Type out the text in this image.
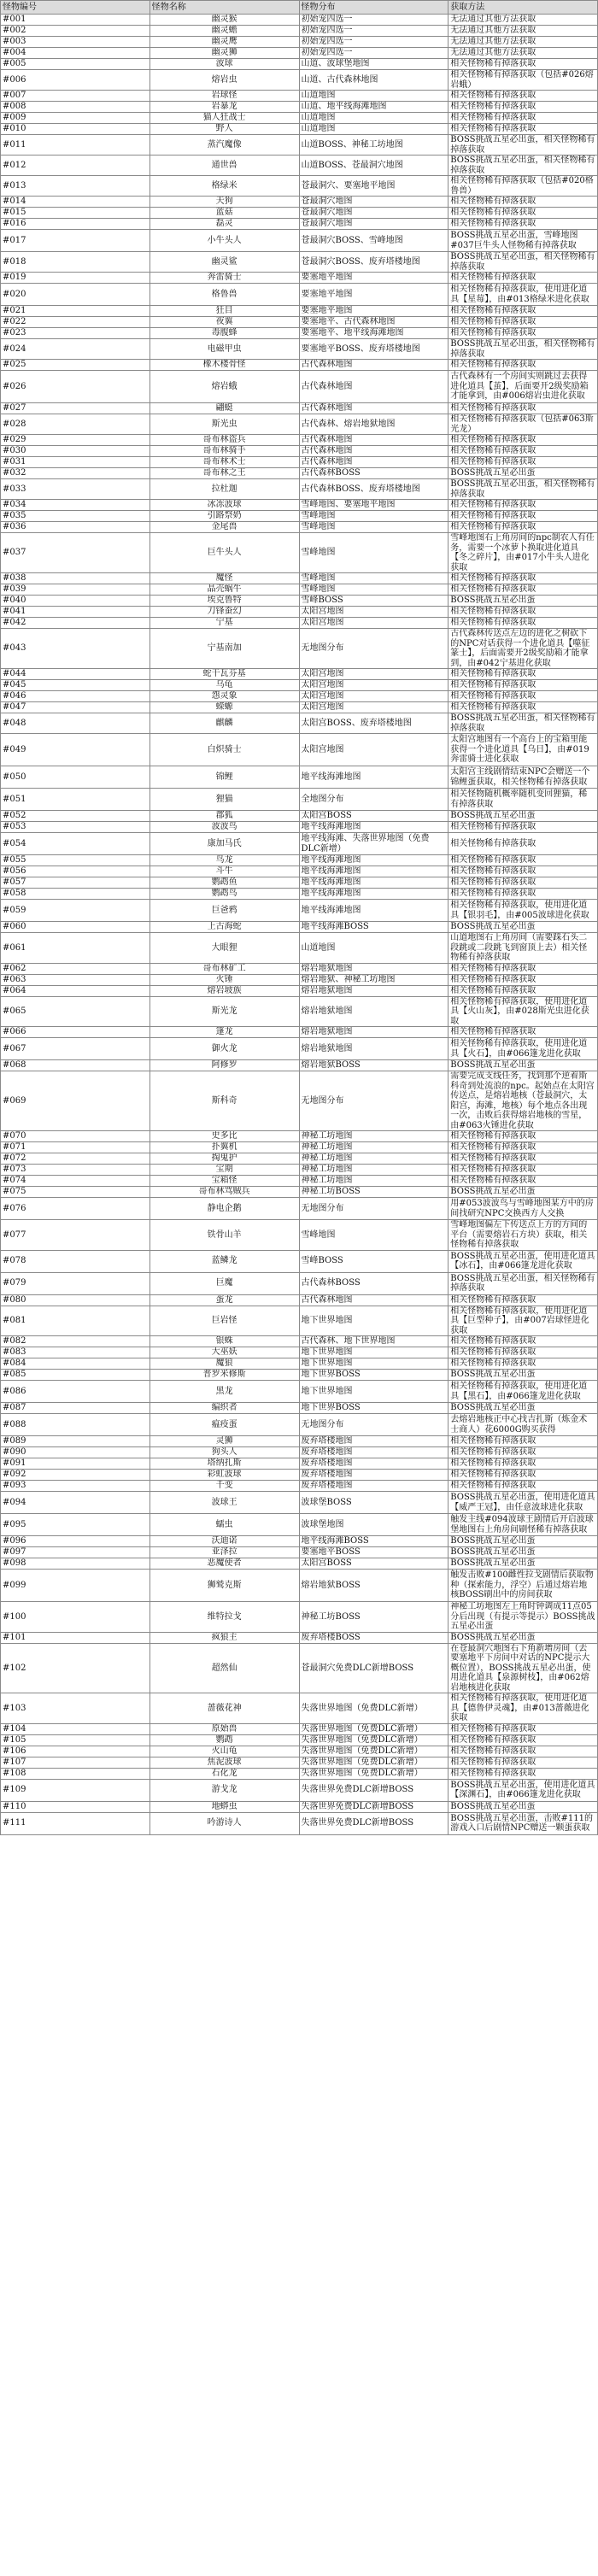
怪物编号	怪物名称	怪物分布	获取方法
#001	幽灵猴	初始宠四选一	无法通过其他方法获取
#002	幽灵蟾	初始宠四选一	无法通过其他方法获取
#003	幽灵鹰	初始宠四选一	无法通过其他方法获取
#004	幽灵狮	初始宠四选一	无法通过其他方法获取
#005	波球	山道、波球堡地图	相关怪物稀有掉落获取
#006	熔岩虫	山道、古代森林地图	相关怪物稀有掉落获取（包括#026熔岩蛾）
#007	岩球怪	山道地图	相关怪物稀有掉落获取
#008	岩暴龙	山道、地平线海滩地图	相关怪物稀有掉落获取
#009	猫人狂战士	山道地图	相关怪物稀有掉落获取
#010	野人	山道地图	相关怪物稀有掉落获取
#011	蒸汽魔像	山道BOSS、神秘工坊地图	BOSS挑战五星必出蛋，相关怪物稀有掉落获取
#012	通世兽	山道BOSS、苍最洞穴地图	BOSS挑战五星必出蛋，相关怪物稀有掉落获取
#013	格绿米	苍最洞穴、要塞地平地图	相关怪物稀有掉落获取（包括#020格鲁兽）
#014	天狗	苍最洞穴地图	相关怪物稀有掉落获取
#015	蓝菇	苍最洞穴地图	相关怪物稀有掉落获取
#016	磊灵	苍最洞穴地图	相关怪物稀有掉落获取
#017	小牛头人	苍最洞穴BOSS、雪峰地图	BOSS挑战五星必出蛋，雪峰地图#037巨牛头人怪物稀有掉落获取
#018	幽灵鲨	苍最洞穴BOSS、废弃塔楼地图	BOSS挑战五星必出蛋，相关怪物稀有掉落获取
#019	奔雷骑士	要塞地平地图	相关怪物稀有掉落获取
#020	格鲁兽	要塞地平地图	相关怪物稀有掉落获取，使用进化道具【星莓】，由#013格绿米进化获取
#021	狂目	要塞地平地图	相关怪物稀有掉落获取
#022	夜翼	要塞地平、古代森林地图	相关怪物稀有掉落获取
#023	毒腹蜂	要塞地平、地平线海滩地图	相关怪物稀有掉落获取
#024	电磁甲虫	要塞地平BOSS、废弃塔楼地图	BOSS挑战五星必出蛋，相关怪物稀有掉落获取
#025	橡木楼骨怪	古代森林地图	相关怪物稀有掉落获取
#026	熔岩蛾	古代森林地图	古代森林有一个房间实则跳过去获得进化道具【茧】，后面要开2级奖励箱才能拿到，由#006熔岩虫进化获取
#027	翩蜓	古代森林地图	相关怪物稀有掉落获取
#028	斯光虫	古代森林、熔岩地狱地图	相关怪物稀有掉落获取（包括#063斯光龙）
#029	哥布林盗兵	古代森林地图	相关怪物稀有掉落获取
#030	哥布林骑手	古代森林地图	相关怪物稀有掉落获取
#031	哥布林术士	古代森林地图	相关怪物稀有掉落获取
#032	哥布林之王	古代森林BOSS	BOSS挑战五星必出蛋
#033	拉杜迦	古代森林BOSS、废弃塔楼地图	BOSS挑战五星必出蛋，相关怪物稀有掉落获取
#034	冰冻波球	雪峰地图、要塞地平地图	相关怪物稀有掉落获取
#035	引路祭奶	雪峰地图	相关怪物稀有掉落获取
#036	金尾兽	雪峰地图	相关怪物稀有掉落获取
#037	巨牛头人	雪峰地图	雪峰地图右上角房间的npc制农人有任务，需要一个冰萝卜换取进化道具【冬之碎片】，由#017小牛头人进化获取
#038	魔怪	雪峰地图	相关怪物稀有掉落获取
#039	晶壳蜗牛	雪峰地图	相关怪物稀有掉落获取
#040	埃克鲁特	雪峰BOSS	BOSS挑战五星必出蛋
#041	刀锋蚕幻	太阳宫地图	相关怪物稀有掉落获取
#042	宁基	太阳宫地图	相关怪物稀有掉落获取
#043	宁基南加	无地图分布	古代森林传送点左边的进化之树砍下的NPC对话获得一个进化道具【噬征篆士】，后面需要开2级奖励箱才能拿到，由#042宁基进化获取
#044	蛇干瓦芬基	太阳宫地图	相关怪物稀有掉落获取
#045	乌龟	太阳宫地图	相关怪物稀有掉落获取
#046	怨灵象	太阳宫地图	相关怪物稀有掉落获取
#047	蝾螈	太阳宫地图	相关怪物稀有掉落获取
#048	麒麟	太阳宫BOSS、废弃塔楼地图	BOSS挑战五星必出蛋，相关怪物稀有掉落获取
#049	白炽骑士	太阳宫地图	太阳宫地图有一个高台上的宝箱里能获得一个进化道具【乌日】，由#019奔雷骑士进化获取
#050	锦鲤	地平线海滩地图	太阳宫主线剧情结束NPC会赠送一个锦鲤蛋获取，相关怪物稀有掉落获取
#051	狸猫	全地图分布	相关怪物随机概率随机变回狸猫，稀有掉落获取
#052	郡狐	太阳宫BOSS	BOSS挑战五星必出蛋
#053	波波鸟	地平线海滩地图	相关怪物稀有掉落获取
#054	康加马氏	地平线海滩、失落世界地图（免费DLC新增）	相关怪物稀有掉落获取
#055	鸟龙	地平线海滩地图	相关怪物稀有掉落获取
#056	斗牛	地平线海滩地图	相关怪物稀有掉落获取
#057	鹦鹉鱼	地平线海滩地图	相关怪物稀有掉落获取
#058	鹦鹉鸟	地平线海滩地图	相关怪物稀有掉落获取
#059	巨爸鸦	地平线海滩地图	相关怪物稀有掉落获取，使用进化道具【银羽毛】，由#005波球进化获取
#060	上古海蛇	地平线海滩BOSS	BOSS挑战五星必出蛋
#061	大眼狸	山道地图	山道地图右上角房间（需要踩石头二段跳或二段跳飞到窗顶上去）相关怪物稀有掉落获取
#062	哥布林矿工	熔岩地狱地图	相关怪物稀有掉落获取
#063	火锤	熔岩地狱、神秘工坊地图	相关怪物稀有掉落获取
#064	熔岩坡族	熔岩地狱地图	相关怪物稀有掉落获取
#065	斯光龙	熔岩地狱地图	相关怪物稀有掉落获取，使用进化道具【火山灰】，由#028斯光虫进化获取
#066	篷龙	熔岩地狱地图	相关怪物稀有掉落获取
#067	御火龙	熔岩地狱地图	相关怪物稀有掉落获取，使用进化道具【火石】，由#066篷龙进化获取
#068	阿修罗	熔岩地狱BOSS	BOSS挑战五星必出蛋
#069	斯科奇	无地图分布	需要完成支线任务，找到那个逆着斯科奇到处流浪的npc。起始点在太阳宫传送点，是熔岩地核（苍最洞穴，太阳宫，海滩，地核）每个地点各出现一次，击败后获得熔岩地核的雪星，由#063火锤进化获取
#070	史多比	神秘工坊地图	相关怪物稀有掉落获取
#071	扑翼机	神秘工坊地图	相关怪物稀有掉落获取
#072	掏鬼护	神秘工坊地图	相关怪物稀有掉落获取
#073	宝期	神秘工坊地图	相关怪物稀有掉落获取
#074	宝箱怪	神秘工坊地图	相关怪物稀有掉落获取
#075	哥布林骂贼兵	神秘工坊BOSS	BOSS挑战五星必出蛋
#076	静电企鹅	无地图分布	用#053波波鸟与雪峰地图某方中的房间找研究NPC交换西方人交换
#077	铁骨山羊	雪峰地图	雪峰地图偏左下传送点上方的方间的平台（需要熔岩石方块）获取，相关怪物稀有掉落获取
#078	蓝鳞龙	雪峰BOSS	BOSS挑战五星必出蛋，使用进化道具【冰石】，由#066篷龙进化获取
#079	巨魔	古代森林BOSS	BOSS挑战五星必出蛋，相关怪物稀有掉落获取
#080	蛋龙	古代森林地图	相关怪物稀有掉落获取
#081	巨岩怪	地下世界地图	相关怪物稀有掉落获取，使用进化道具【巨型种子】，由#007岩球怪进化获取
#082	银蛛	古代森林、地下世界地图	相关怪物稀有掉落获取
#083	大巫妖	地下世界地图	相关怪物稀有掉落获取
#084	魔狼	地下世界地图	相关怪物稀有掉落获取
#085	普罗米修斯	地下世界BOSS	BOSS挑战五星必出蛋
#086	黑龙	地下世界地图	相关怪物稀有掉落获取，使用进化道具【黑石】，由#066篷龙进化获取
#087	编织者	地下世界BOSS	BOSS挑战五星必出蛋
#088	瘟疫蛋	无地图分布	去熔岩地核正中心找吉扎斯（炼金术士商人）花6000G购买获得
#089	灵狮	废弃塔楼地图	相关怪物稀有掉落获取
#090	狗头人	废弃塔楼地图	相关怪物稀有掉落获取
#091	塔纳扎斯	废弃塔楼地图	相关怪物稀有掉落获取
#092	彩虹波球	废弃塔楼地图	相关怪物稀有掉落获取
#093	千变	废弃塔楼地图	相关怪物稀有掉落获取
#094	波球王	波球堡BOSS	BOSS挑战五星必出蛋，使用进化道具【威严王冠】，由任意波球进化获取
#095	蠕虫	波球堡地图	触发主线#094波球王剧情后开启波球堡地图右上角房间刷怪稀有掉落获取
#096	沃迪诺	地平线海滩BOSS	BOSS挑战五星必出蛋
#097	亚泽拉	要塞地平BOSS	BOSS挑战五星必出蛋
#098	恶魔使者	太阳宫BOSS	BOSS挑战五星必出蛋
#099	狮鹫克斯	熔岩地狱BOSS	触发击败#100雌性拉戈剧情后获取物种（探索能力，浮空）后通过熔岩地核BOSS刷出中的房间获取
#100	维特拉戈	神秘工坊BOSS	神秘工坊地图左上角时钟调成11点05分后出现（有提示等提示）BOSS挑战五星必出蛋
#101	疯狼主	废弃塔楼BOSS	BOSS挑战五星必出蛋
#102	超然仙	苍最洞穴免费DLC新增BOSS	在苍最洞穴地图右下角新增房间（去要塞地平下房间中对话的NPC提示大概位置），BOSS挑战五星必出蛋，使用进化道具【泉源树枝】，由#062熔岩地核进化获取
#103	蔷薇花神	失落世界地图（免费DLC新增）	相关怪物稀有掉落获取，使用进化道具【德鲁伊灵魂】，由#013蔷薇进化获取
#104	原始兽	失落世界地图（免费DLC新增）	相关怪物稀有掉落获取
#105	鹦鹉	失落世界地图（免费DLC新增）	相关怪物稀有掉落获取
#106	火山龟	失落世界地图（免费DLC新增）	相关怪物稀有掉落获取
#107	焦泥波球	失落世界地图（免费DLC新增）	相关怪物稀有掉落获取
#108	石化龙	失落世界地图（免费DLC新增）	相关怪物稀有掉落获取
#109	游戈龙	失落世界免费DLC新增BOSS	BOSS挑战五星必出蛋，使用进化道具【深渊石】，由#066篷龙进化获取
#110	地蟒虫	失落世界免费DLC新增BOSS	BOSS挑战五星必出蛋
#111	吟游诗人	失落世界免费DLC新增BOSS	BOSS挑战五星必出蛋，击败#111的游戏入口后剧情NPC赠送一颗蛋获取
